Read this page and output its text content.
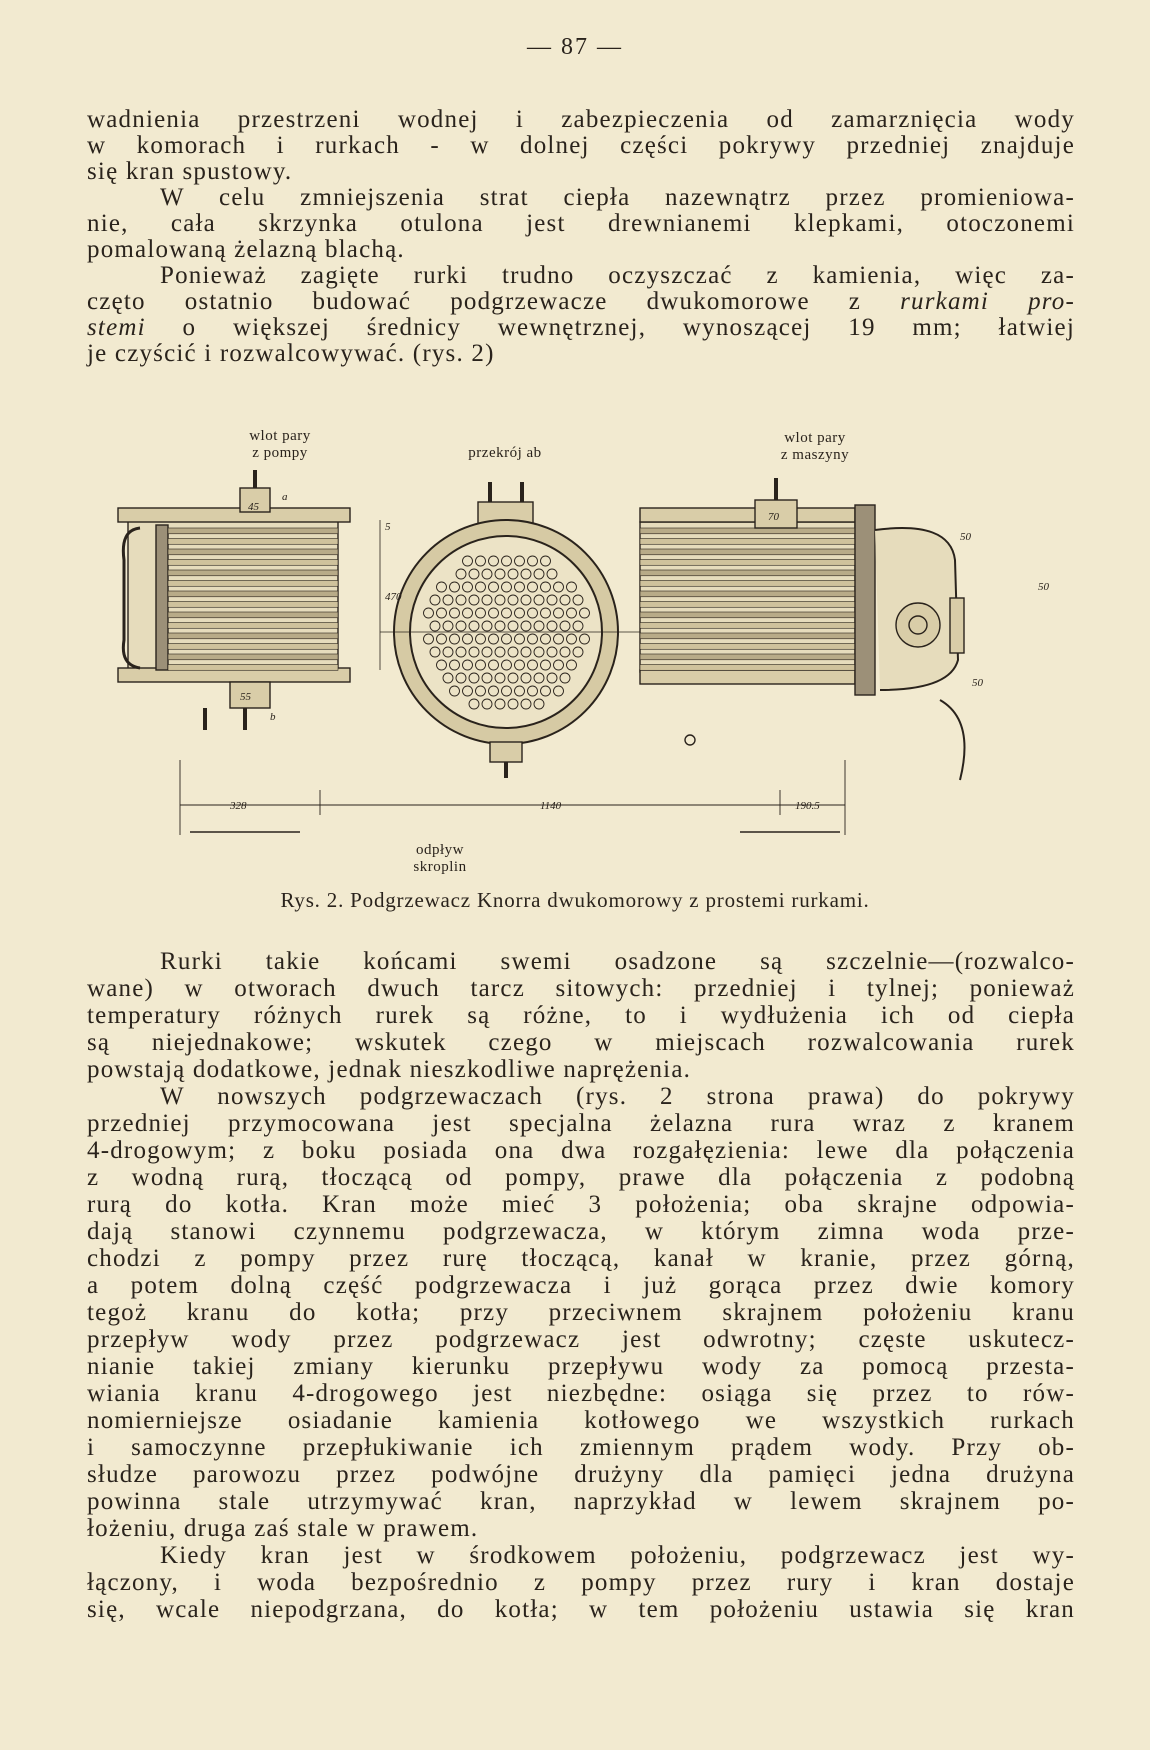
— 87 —
wadnienia przestrzeni wodnej i zabezpieczenia od zamarznięcia wody
w komorach i rurkach - w dolnej części pokrywy przedniej znajduje
się kran spustowy.
W celu zmniejszenia strat ciepła nazewnątrz przez promieniowa-
nie, cała skrzynka otulona jest drewnianemi klepkami, otoczonemi
pomalowaną żelazną blachą.
Ponieważ zagięte rurki trudno oczyszczać z kamienia, więc za-
częto ostatnio budować podgrzewacze dwukomorowe z rurkami pro-
stemi o większej średnicy wewnętrznej, wynoszącej 19 mm; łatwiej
je czyścić i rozwalcowywać. (rys. 2)
wlot pary
z pompy	przekrój ab
wlot pary
z maszyny
odpływ
skroplin
328	1140	190.5
470
45
70
55
50
50
50
5
a
b
Rys. 2. Podgrzewacz Knorra dwukomorowy z prostemi rurkami.
Rurki takie końcami swemi osadzone są szczelnie—(rozwalco-
wane) w otworach dwuch tarcz sitowych: przedniej i tylnej; ponieważ
temperatury różnych rurek są różne, to i wydłużenia ich od ciepła
są niejednakowe; wskutek czego w miejscach rozwalcowania rurek
powstają dodatkowe, jednak nieszkodliwe naprężenia.
W nowszych podgrzewaczach (rys. 2 strona prawa) do pokrywy
przedniej przymocowana jest specjalna żelazna rura wraz z kranem
4-drogowym; z boku posiada ona dwa rozgałęzienia: lewe dla połączenia
z wodną rurą, tłoczącą od pompy, prawe dla połączenia z podobną
rurą do kotła. Kran może mieć 3 położenia; oba skrajne odpowia-
dają stanowi czynnemu podgrzewacza, w którym zimna woda prze-
chodzi z pompy przez rurę tłoczącą, kanał w kranie, przez górną,
a potem dolną część podgrzewacza i już gorąca przez dwie komory
tegoż kranu do kotła; przy przeciwnem skrajnem położeniu kranu
przepływ wody przez podgrzewacz jest odwrotny; częste uskutecz-
nianie takiej zmiany kierunku przepływu wody za pomocą przesta-
wiania kranu 4-drogowego jest niezbędne: osiąga się przez to rów-
nomierniejsze osiadanie kamienia kotłowego we wszystkich rurkach
i samoczynne przepłukiwanie ich zmiennym prądem wody. Przy ob-
słudze parowozu przez podwójne drużyny dla pamięci jedna drużyna
powinna stale utrzymywać kran, naprzykład w lewem skrajnem po-
łożeniu, druga zaś stale w prawem.
Kiedy kran jest w środkowem położeniu, podgrzewacz jest wy-
łączony, i woda bezpośrednio z pompy przez rury i kran dostaje
się, wcale niepodgrzana, do kotła; w tem położeniu ustawia się kran
